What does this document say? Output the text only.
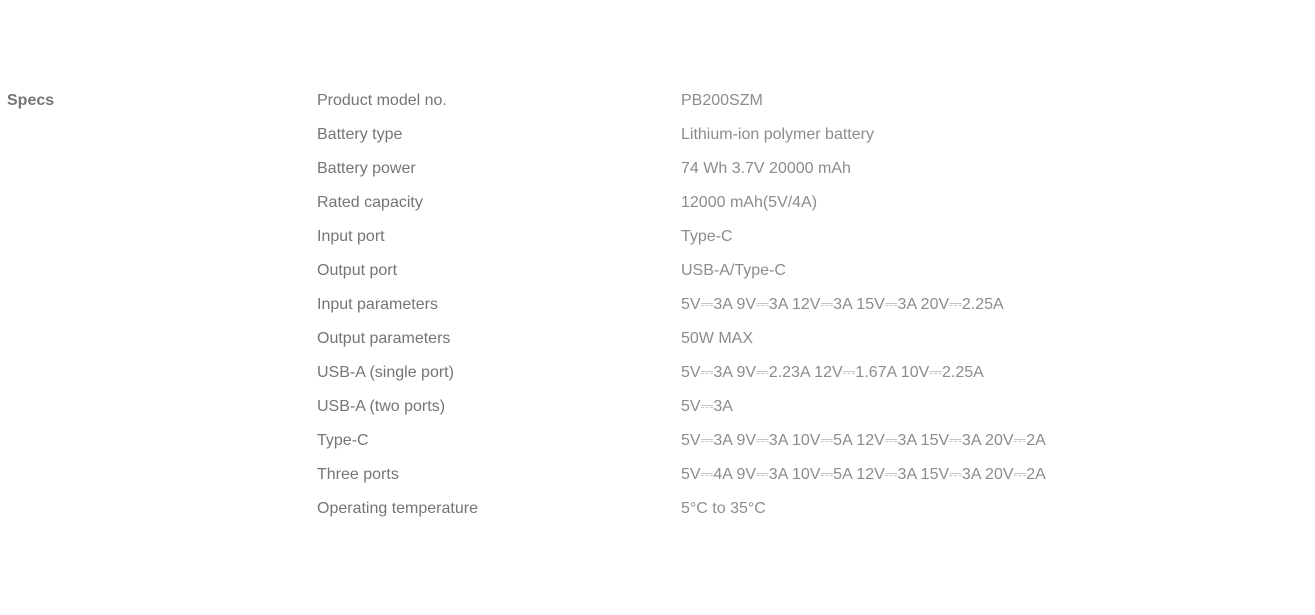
Specs	Product model no.	PB200SZM
Battery type	Lithium-ion polymer battery
Battery power	74 Wh 3.7V 20000 mAh
Rated capacity	12000 mAh(5V/4A)
Input port	Type-C
Output port	USB-A/Type-C
Input parameters	5V⎓3A 9V⎓3A 12V⎓3A 15V⎓3A 20V⎓2.25A
Output parameters	50W MAX
USB-A (single port)	5V⎓3A 9V⎓2.23A 12V⎓1.67A 10V⎓2.25A
USB-A (two ports)	5V⎓3A
Type-C	5V⎓3A 9V⎓3A 10V⎓5A 12V⎓3A 15V⎓3A 20V⎓2A
Three ports	5V⎓4A 9V⎓3A 10V⎓5A 12V⎓3A 15V⎓3A 20V⎓2A
Operating temperature	5°C to 35°C
